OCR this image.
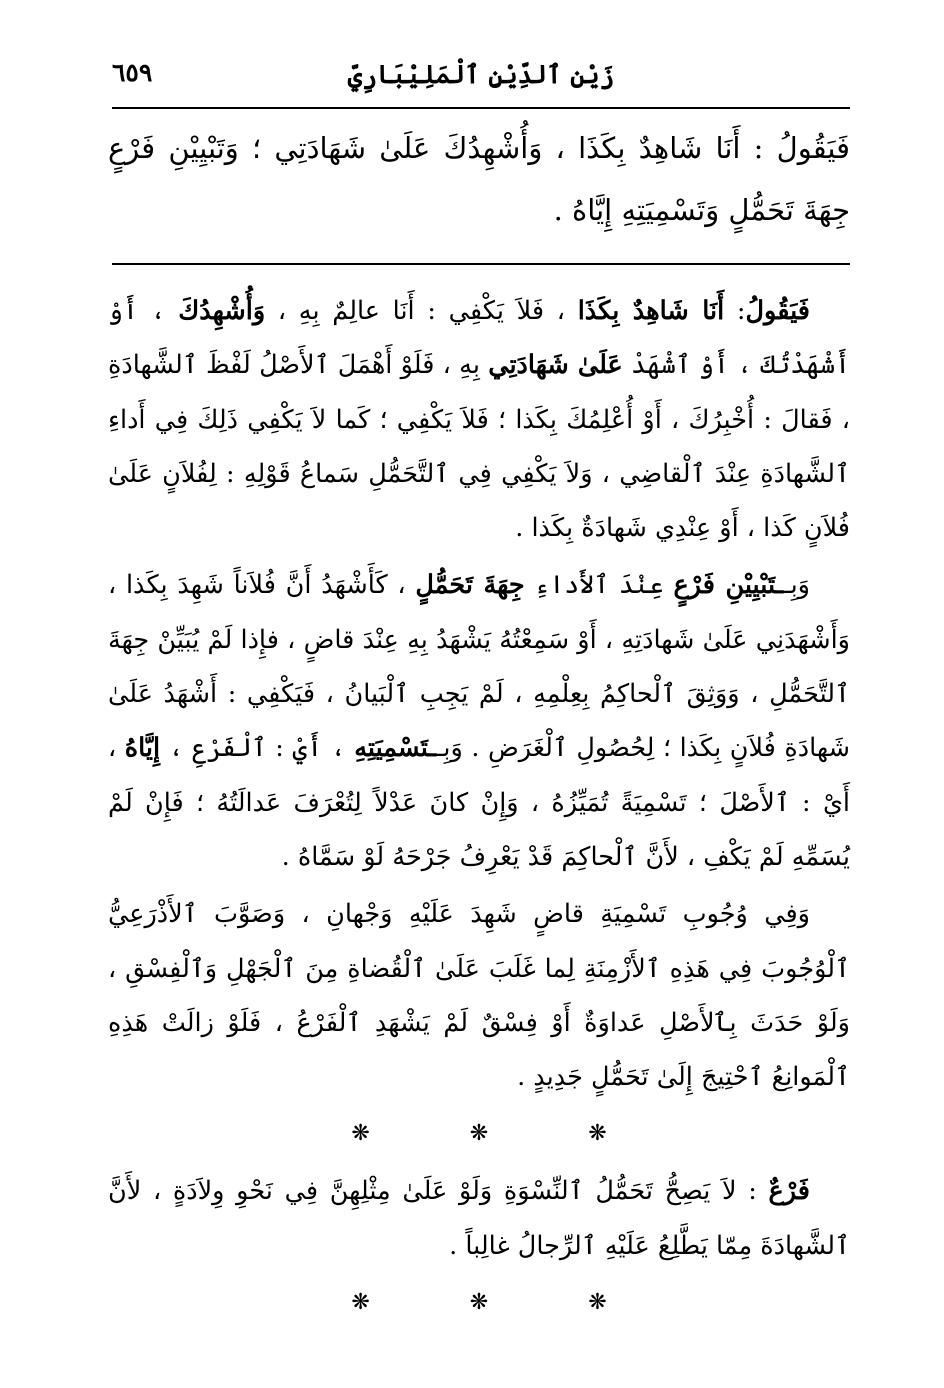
٦٥٩	زَيْن ٱلدِّيْنِ ٱلْمَلِيْبَارِيّ
فَيَقُولُ : أَنَا شَاهِدٌ بِكَذَا ، وَأُشْهِدُكَ عَلَىٰ شَهَادَتِي ؛ وَتَبْيِيْنِ فَرْعٍ جِهَةَ تَحَمُّلٍ وَتَسْمِيَتِهِ إِيَّاهُ .

فَيَقُولُ: أَنَا شَاهِدٌ بِكَذَا ، فَلاَ يَكْفِي : أَنَا عالِمٌ بِهِ ، وَأُشْهِدُكَ ، أَوْ أَشْهَدْتُكَ ، أَوْ ٱشْهَدْ عَلَىٰ شَهَادَتِي بِهِ ، فَلَوْ أَهْمَلَ ٱلأَصْلُ لَفْظَ ٱلشَّهادَةِ ، فَقالَ : أُخْبِرُكَ ، أَوْ أُعْلِمُكَ بِكَذا ؛ فَلاَ يَكْفِي ؛ كَما لاَ يَكْفِي ذَلِكَ فِي أَداءِ ٱلشَّهادَةِ عِنْدَ ٱلْقاضِي ، وَلاَ يَكْفِي فِي ٱلتَّحَمُّلِ سَماعُ قَوْلِهِ : لِفُلاَنٍ عَلَىٰ فُلاَنٍ كَذا ، أَوْ عِنْدِي شَهادَةٌ بِكَذا .

وَبِــتَبْيِيْنِ فَرْعٍ عِنْدَ ٱلأَداءِ جِهَةَ تَحَمُّلٍ ، كَأَشْهَدُ أَنَّ فُلاَناً شَهِدَ بِكَذا ، وَأَشْهَدَنِي عَلَىٰ شَهادَتِهِ ، أَوْ سَمِعْتُهُ يَشْهَدُ بِهِ عِنْدَ قاضٍ ، فإِذا لَمْ يُبَيِّنْ جِهَةَ ٱلتَّحَمُّلِ ، وَوَثِقَ ٱلْحاكِمُ بِعِلْمِهِ ، لَمْ يَجِبِ ٱلْبَيانُ ، فَيَكْفِي : أَشْهَدُ عَلَىٰ شَهادَةِ فُلاَنٍ بِكَذا ؛ لِحُصُولِ ٱلْغَرَضِ . وَبِــتَسْمِيَتِهِ ، أَيْ : ٱلْفَرْعِ ، إِيَّاهُ ، أَيْ : ٱلأَصْلَ ؛ تَسْمِيَةً تُمَيِّزُهُ ، وَإِنْ كانَ عَدْلاً لِتُعْرَفَ عَدالَتُهُ ؛ فَإِنْ لَمْ يُسَمِّهِ لَمْ يَكْفِ ، لأَنَّ ٱلْحاكِمَ قَدْ يَعْرِفُ جَرْحَهُ لَوْ سَمَّاهُ .

وَفِي وُجُوبِ تَسْمِيَةِ قاضٍ شَهِدَ عَلَيْهِ وَجْهانِ ، وَصَوَّبَ ٱلأَذْرَعِيُّ ٱلْوُجُوبَ فِي هَذِهِ ٱلأَزْمِنَةِ لِما غَلَبَ عَلَىٰ ٱلْقُضاةِ مِنَ ٱلْجَهْلِ وَٱلْفِسْقِ ، وَلَوْ حَدَثَ بِٱلأَصْلِ عَداوَةٌ أَوْ فِسْقٌ لَمْ يَشْهَدِ ٱلْفَرْعُ ، فَلَوْ زالَتْ هَذِهِ ٱلْمَوانِعُ ٱحْتِيجَ إِلَىٰ تَحَمُّلٍ جَدِيدٍ .

❋	❋	❋

فَرْعٌ : لاَ يَصِحُّ تَحَمُّلُ ٱلنِّسْوَةِ وَلَوْ عَلَىٰ مِثْلِهِنَّ فِي نَحْوِ وِلاَدَةٍ ، لأَنَّ ٱلشَّهادَةَ مِمّا يَطَّلِعُ عَلَيْهِ ٱلرِّجالُ غالِباً .

❋	❋	❋
